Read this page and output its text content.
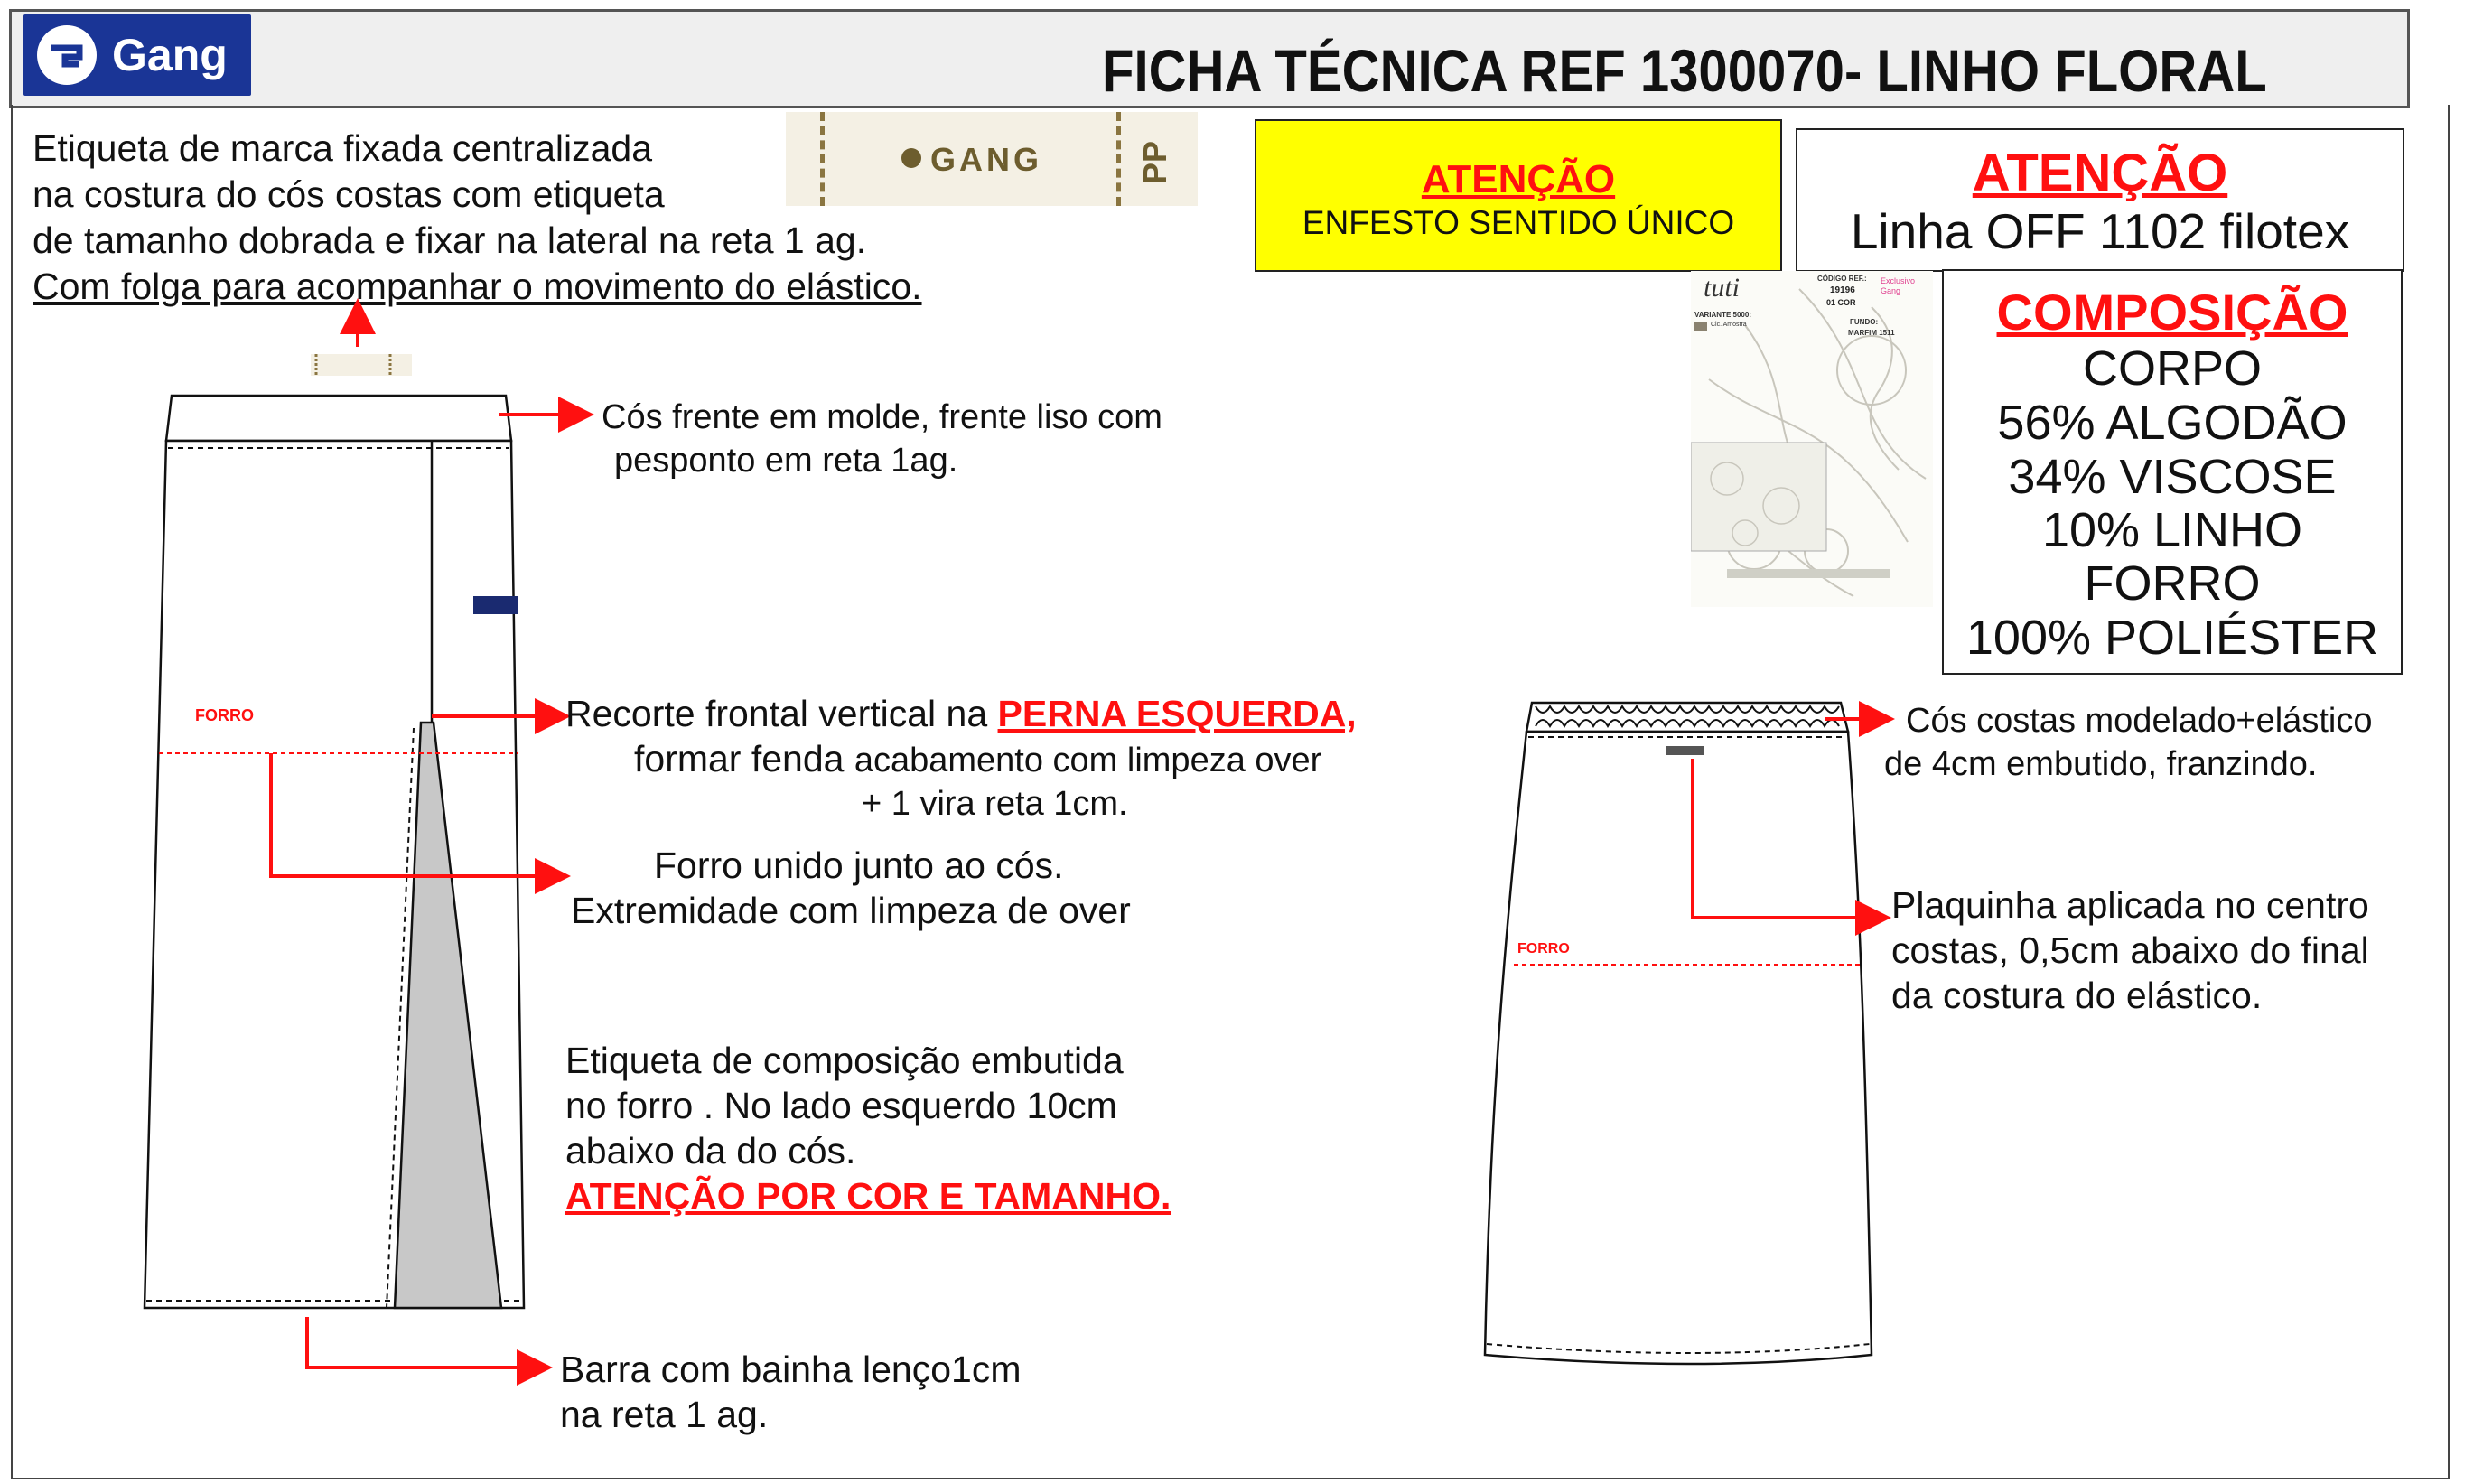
Gang	FICHA TÉCNICA REF 1300070- LINHO FLORAL
GANG	PP
Etiqueta de marca fixada centralizada
na costura do cós costas com etiqueta
de tamanho dobrada e fixar na lateral na reta 1 ag.
Com folga para acompanhar o movimento do elástico.
ATENÇÃO
ENFESTO SENTIDO ÚNICO
ATENÇÃO
Linha OFF 1102 filotex
tuti	CÓDIGO REF.:
19196
01 COR
Exclusivo Gang
VARIANTE 5000:
Clc. Amostra	FUNDO:
MARFIM 1511	COMPOSIÇÃO
CORPO
56% ALGODÃO
34% VISCOSE
10% LINHO
FORRO
100% POLIÉSTER
FORRO
FORRO
Cós frente em molde, frente liso com
pesponto em reta 1ag.
Recorte frontal vertical na PERNA ESQUERDA,
formar fenda acabamento com limpeza over
+ 1 vira reta 1cm.
Forro unido junto ao cós.
Extremidade com limpeza de over
Etiqueta de composição embutida
no forro . No lado esquerdo 10cm
abaixo da do cós.
ATENÇÃO POR COR E TAMANHO.
Barra com bainha lenço1cm
na reta 1 ag.
Cós costas modelado+elástico
de 4cm embutido, franzindo.
Plaquinha aplicada no centro
costas, 0,5cm abaixo do final
da costura do elástico.
